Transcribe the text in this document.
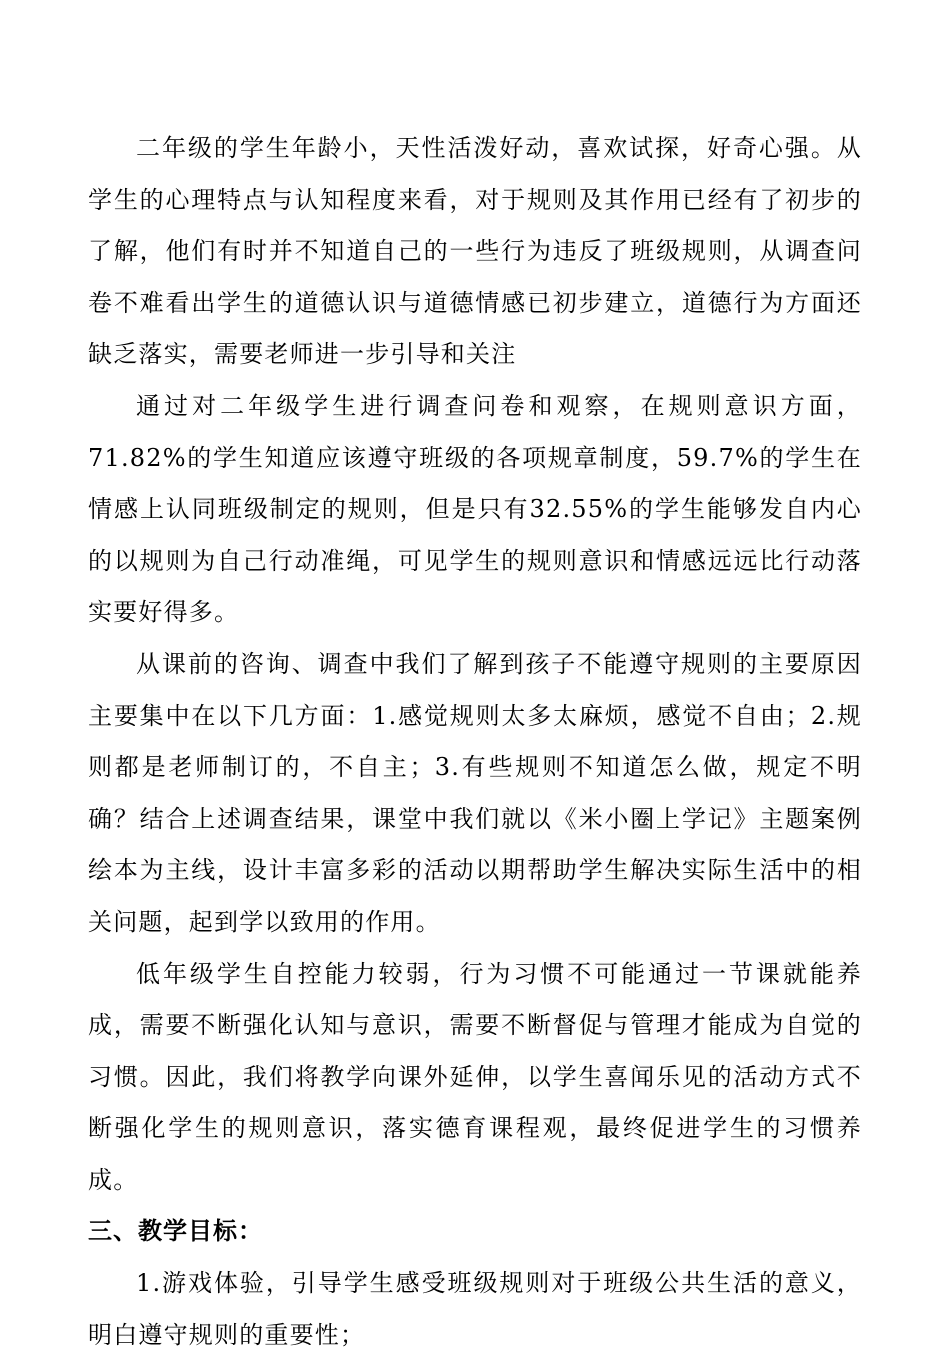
二年级的学生年龄小，天性活泼好动，喜欢试探，好奇心强。从学生的心理特点与认知程度来看，对于规则及其作用已经有了初步的了解，他们有时并不知道自己的一些行为违反了班级规则，从调查问卷不难看出学生的道德认识与道德情感已初步建立，道德行为方面还缺乏落实，需要老师进一步引导和关注

通过对二年级学生进行调查问卷和观察，在规则意识方面，71.82%的学生知道应该遵守班级的各项规章制度，59.7%的学生在情感上认同班级制定的规则，但是只有32.55%的学生能够发自内心的以规则为自己行动准绳，可见学生的规则意识和情感远远比行动落实要好得多。

从课前的咨询、调查中我们了解到孩子不能遵守规则的主要原因主要集中在以下几方面：1.感觉规则太多太麻烦，感觉不自由；2.规则都是老师制订的，不自主；3.有些规则不知道怎么做，规定不明确？结合上述调查结果，课堂中我们就以《米小圈上学记》主题案例绘本为主线，设计丰富多彩的活动以期帮助学生解决实际生活中的相关问题，起到学以致用的作用。

低年级学生自控能力较弱，行为习惯不可能通过一节课就能养成，需要不断强化认知与意识，需要不断督促与管理才能成为自觉的习惯。因此，我们将教学向课外延伸，以学生喜闻乐见的活动方式不断强化学生的规则意识，落实德育课程观，最终促进学生的习惯养成。

三、教学目标：

1.游戏体验，引导学生感受班级规则对于班级公共生活的意义，明白遵守规则的重要性；
